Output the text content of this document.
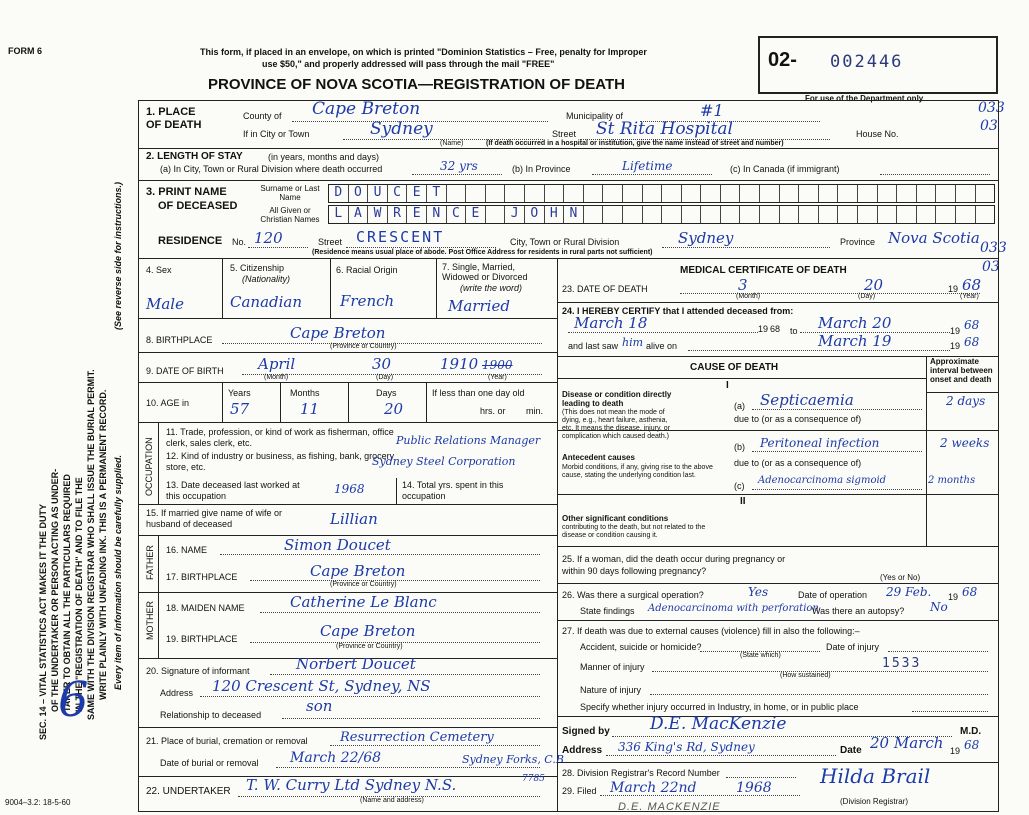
FORM 6	This form, if placed in an envelope, on which is printed "Dominion Statistics – Free, penalty for Improper
use $50," and properly addressed will pass through the mail "FREE"
PROVINCE OF NOVA SCOTIA—REGISTRATION OF DEATH
02- 002446
For use of the Department only
033
03
033
03
SEC. 14 – VITAL STATISTICS ACT MAKES IT THE DUTY OF THE UNDERTAKER OR PERSON ACTING AS UNDER- TAKER TO OBTAIN ALL THE PARTICULARS REQUIRED IN THE "REGISTRATION OF DEATH" AND TO FILE THE SAME WITH THE DIVISION REGISTRAR WHO SHALL ISSUE THE BURIAL PERMIT. WRITE PLAINLY WITH UNFADING INK. THIS IS A PERMANENT RECORD. Every item of information should be carefully supplied.
(See reverse side for instructions.)
6
9004–3.2: 18-5-60
1. PLACE OF DEATH
County of Cape Breton	Municipality of	#1
If in City or Town	Sydney
(Name)
Street St Rita Hospital	House No.
(If death occurred in a hospital or institution, give the name instead of street and number)
2. LENGTH OF STAY	(in years, months and days)
(a) In City, Town or Rural Division where death occurred	32 yrs	(b) In Province	Lifetime	(c) In Canada (if immigrant)
3. PRINT NAME
OF DECEASED
Surname or Last Name
All Given or Christian Names
D O U C E T
L A W R E N C E	J O H N
RESIDENCE No. 120	Street CRESCENT	City, Town or Rural Division	Sydney	Province Nova Scotia
(Residence means usual place of abode. Post Office Address for residents in rural parts not sufficient)
4. Sex
Male
5. Citizenship
(Nationality)
Canadian
6. Racial Origin
French
7. Single, Married, Widowed or Divorced
(write the word)
Married
8. BIRTHPLACE	Cape Breton
(Province or Country)
9. DATE OF BIRTH April	30	1910 1900
(Month)	(Day)	(Year)
10. AGE in
Years	Months	Days
57	11	20
If less than one day old
hrs. or min.
OCCUPATION
11. Trade, profession, or kind of work as fisherman, office clerk, sales clerk, etc.	Public Relations Manager
12. Kind of industry or business, as fishing, bank, grocery store, etc.	Sydney Steel Corporation
13. Date deceased last worked at this occupation	1968	14. Total yrs. spent in this occupation
15. If married give name of wife or husband of deceased	Lillian
FATHER 16. NAME	Simon Doucet
17. BIRTHPLACE	Cape Breton
(Province or Country)
MOTHER 18. MAIDEN NAME	Catherine Le Blanc
19. BIRTHPLACE	Cape Breton
(Province or Country)
20. Signature of informant	Norbert Doucet
Address 120 Crescent St, Sydney, NS
Relationship to deceased	son
21. Place of burial, cremation or removal Resurrection Cemetery
Date of burial or removal March 22/68	Sydney Forks, C.B
22. UNDERTAKER T. W. Curry Ltd Sydney N.S.	7785
(Name and address)
D.E. MACKENZIE
MEDICAL CERTIFICATE OF DEATH
23. DATE OF DEATH	3	20	19 68
(Month)	(Day)	(Year)
24. I HEREBY CERTIFY that I attended deceased from:
March 18	19 68 to March 20	19 68
and last saw him alive on	March 19	19 68
CAUSE OF DEATH
Approximate interval between onset and death
I
Disease or condition directly leading to death
(This does not mean the mode of dying, e.g., heart failure, asthenia, etc. It means the disease, injury, or complication which caused death.)
(a) Septicaemia	2 days
due to (or as a consequence of)
Antecedent causes
Morbid conditions, if any, giving rise to the above cause, stating the underlying condition last.
(b) Peritoneal infection	2 weeks
due to (or as a consequence of)
(c) Adenocarcinoma sigmoid	2 months
II
Other significant conditions
contributing to the death, but not related to the disease or condition causing it.
25. If a woman, did the death occur during pregnancy or within 90 days following pregnancy?
(Yes or No)
26. Was there a surgical operation?	Yes	Date of operation 29 Feb. 19 68
State findings Adenocarcinoma with perforation
Was there an autopsy? No
27. If death was due to external causes (violence) fill in also the following:–
Accident, suicide or homicide?
(State which)
Date of injury
Manner of injury	1533
(How sustained)
Nature of injury
Specify whether injury occurred in Industry, in home, or in public place
Signed by D.E. MacKenzie	M.D.
Address 336 King's Rd, Sydney	Date 20 March 19 68
28. Division Registrar's Record Number
29. Filed March 22nd	1968 Hilda Brail
(Division Registrar)
